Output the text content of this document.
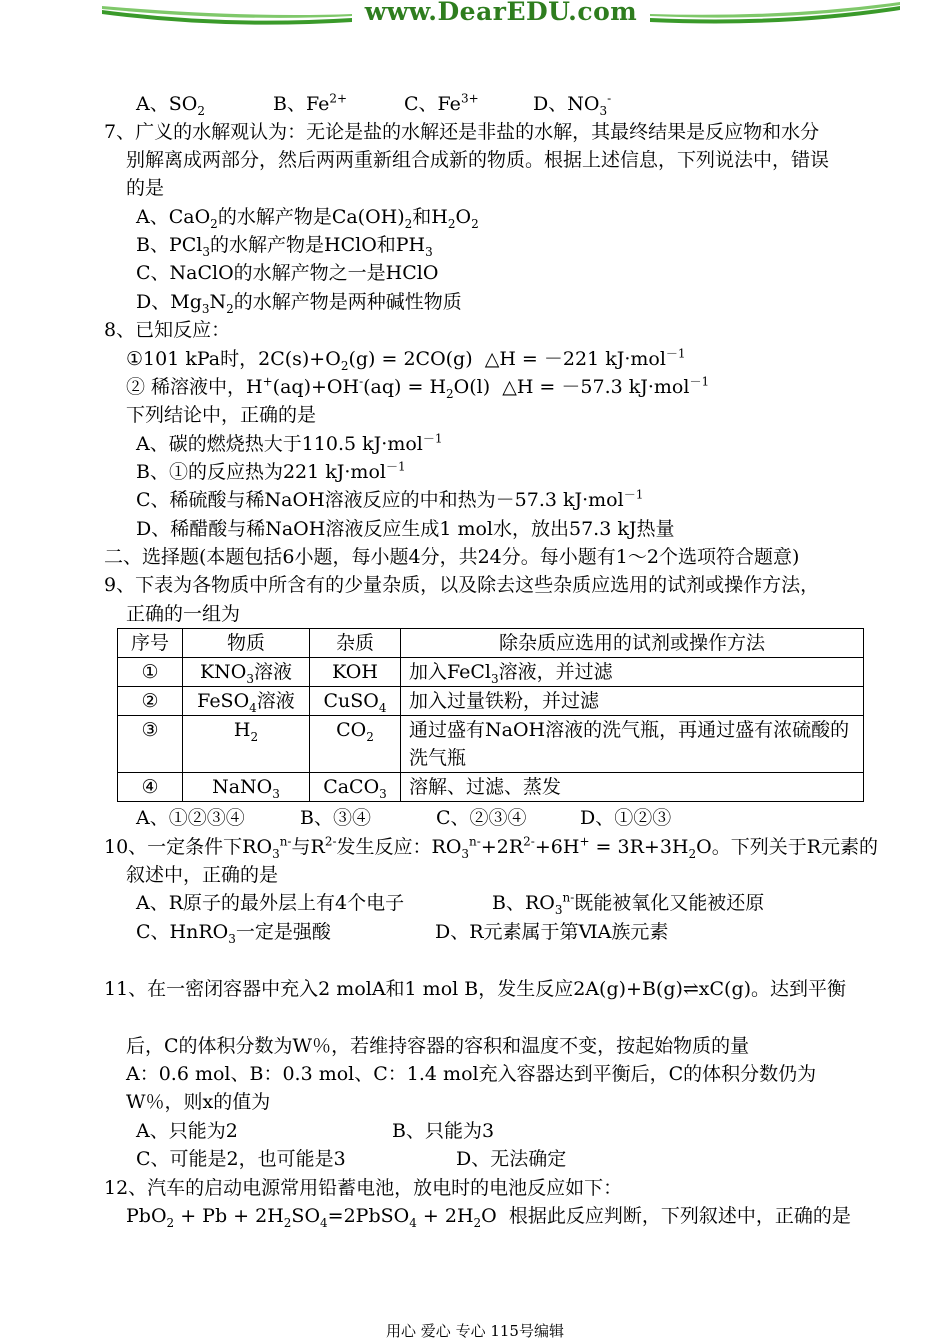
www.DearEDU.com
A、$SO_2$	B、$Fe^{2+}$	C、$Fe^{3+}$	D、$NO_3^-$
7、广义的水解观认为：无论是盐的水解还是非盐的水解，其最终结果是反应物和水分
别解离成两部分，然后两两重新组合成新的物质。根据上述信息，下列说法中，错误
的是
A、CaO$_2$的水解产物是$Ca(OH)_2$和$H_2O_2$
B、PCl$_3$的水解产物是HClO和$PH_3$
C、NaClO的水解产物之一是HClO
D、$Mg_3N_2$的水解产物是两种碱性物质
8、已知反应：
①101 kPa时，$2C(s)+O_2(g) = 2CO(g)$  △H = －221 kJ·mol$^{-1}$
② 稀溶液中，$H^+(aq)+OH^-(aq) = H_2O(l)$  △H = －57.3 kJ·mol$^{-1}$
下列结论中，正确的是
A、碳的燃烧热大于110.5 kJ·mol$^{-1}$
B、①的反应热为221 kJ·mol$^{-1}$
C、稀硫酸与稀NaOH溶液反应的中和热为－57.3 kJ·mol$^{-1}$
D、稀醋酸与稀NaOH溶液反应生成1 mol水，放出57.3 kJ热量
二、选择题(本题包括6小题，每小题4分，共24分。每小题有1～2个选项符合题意)
9、下表为各物质中所含有的少量杂质，以及除去这些杂质应选用的试剂或操作方法，
正确的一组为
序号	物质	杂质	除杂质应选用的试剂或操作方法
①	$KNO_3$溶液	KOH	加入FeCl$_3$溶液，并过滤
②	FeSO$_4$溶液	CuSO$_4$	加入过量铁粉，并过滤
③	$H_2$	$CO_2$	通过盛有NaOH溶液的洗气瓶，再通过盛有浓硫酸的洗气瓶
④	NaNO$_3$	CaCO$_3$	溶解、过滤、蒸发
A、①②③④	B、③④	C、②③④	D、①②③
10、一定条件下$RO_3^{n-}$与$R^{2-}$发生反应：$RO_3^{n-}+2R^{2-}+6H^+ = 3R+3H_2O$。下列关于R元素的
叙述中，正确的是
A、R原子的最外层上有4个电子	B、$RO_3^{n-}$既能被氧化又能被还原
C、HnRO$_3$一定是强酸	D、R元素属于第ⅥA族元素
11、在一密闭容器中充入2 molA和1 mol B，发生反应2A(g)+B(g)⇌xC(g)。达到平衡
后，C的体积分数为W％，若维持容器的容积和温度不变，按起始物质的量
A：0.6 mol、B：0.3 mol、C：1.4 mol充入容器达到平衡后，C的体积分数仍为
W％，则x的值为
A、只能为2	B、只能为3
C、可能是2，也可能是3	D、无法确定
12、汽车的启动电源常用铅蓄电池，放电时的电池反应如下：
$PbO_2 + Pb + 2H_2SO_4=2PbSO_4 + 2H_2O$  根据此反应判断，下列叙述中，正确的是
用心 爱心 专心 115号编辑
